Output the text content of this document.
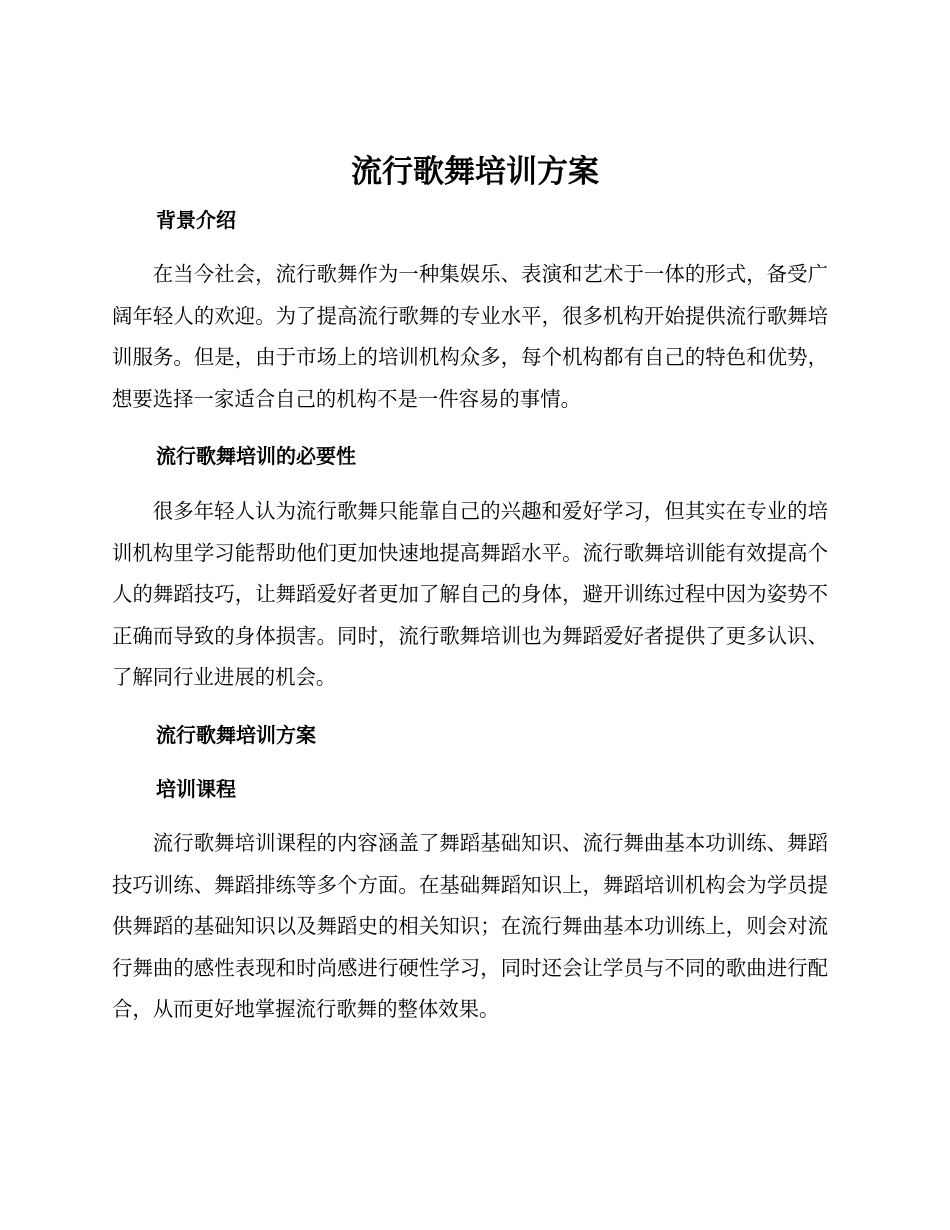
流行歌舞培训方案
背景介绍

在当今社会，流行歌舞作为一种集娱乐、表演和艺术于一体的形式，备受广阔年轻人的欢迎。为了提高流行歌舞的专业水平，很多机构开始提供流行歌舞培训服务。但是，由于市场上的培训机构众多，每个机构都有自己的特色和优势，想要选择一家适合自己的机构不是一件容易的事情。

流行歌舞培训的必要性

很多年轻人认为流行歌舞只能靠自己的兴趣和爱好学习，但其实在专业的培训机构里学习能帮助他们更加快速地提高舞蹈水平。流行歌舞培训能有效提高个人的舞蹈技巧，让舞蹈爱好者更加了解自己的身体，避开训练过程中因为姿势不正确而导致的身体损害。同时，流行歌舞培训也为舞蹈爱好者提供了更多认识、了解同行业进展的机会。

流行歌舞培训方案
培训课程

流行歌舞培训课程的内容涵盖了舞蹈基础知识、流行舞曲基本功训练、舞蹈技巧训练、舞蹈排练等多个方面。在基础舞蹈知识上，舞蹈培训机构会为学员提供舞蹈的基础知识以及舞蹈史的相关知识；在流行舞曲基本功训练上，则会对流行舞曲的感性表现和时尚感进行硬性学习，同时还会让学员与不同的歌曲进行配合，从而更好地掌握流行歌舞的整体效果。
